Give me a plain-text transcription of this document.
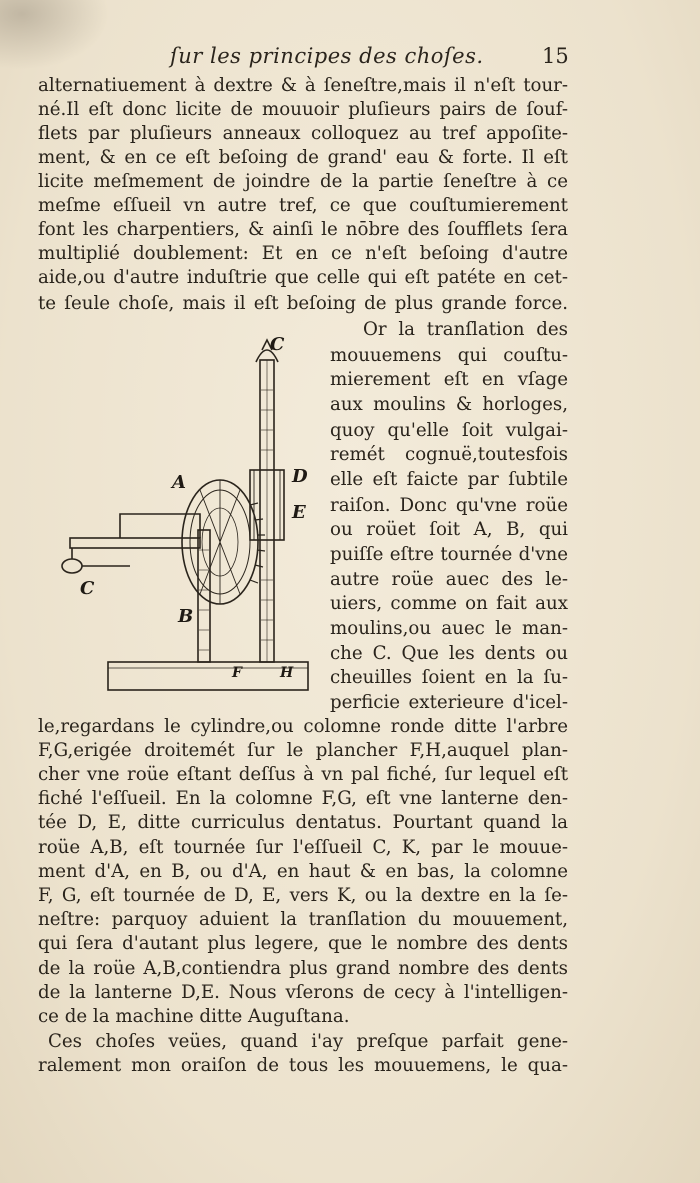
ſur les principes des choſes.	15
alternatiuement à dextre & à ſeneſtre,mais il n'eſt tour-
né.Il eſt donc licite de mouuoir pluſieurs pairs de ſouf-
flets par pluſieurs anneaux colloquez au tref appoſite-
ment, & en ce eſt beſoing de grand' eau & forte. Il eſt
licite meſmement de joindre de la partie ſeneſtre à ce
meſme eſſueil vn autre tref, ce que couſtumierement
font les charpentiers, & ainſi le nōbre des ſoufflets ſera
multiplié doublement: Et en ce n'eſt beſoing d'autre
aide,ou d'autre induſtrie que celle qui eſt patéte en cet-
te ſeule choſe, mais il eſt beſoing de plus grande force.
Or la tranſlation des
mouuemens qui couſtu-
mierement eſt en vſage
aux moulins & horloges,
quoy qu'elle ſoit vulgai-
remét cognuë,toutesfois
elle eſt faicte par ſubtile
raiſon. Donc qu'vne roüe
ou roüet ſoit A, B, qui
puiſſe eſtre tournée d'vne
autre roüe auec des le-
uiers, comme on fait aux
moulins,ou auec le man-
che C. Que les dents ou
cheuilles ſoient en la ſu-
perficie exterieure d'icel-
le,regardans le cylindre,ou colomne ronde ditte l'arbre
F,G,erigée droitemét ſur le plancher F,H,auquel plan-
cher vne roüe eſtant deſſus à vn pal fiché, ſur lequel eſt
fiché l'eſſueil. En la colomne F,G, eſt vne lanterne den-
tée D, E, ditte curriculus dentatus. Pourtant quand la
roüe A,B, eſt tournée ſur l'eſſueil C, K, par le mouue-
ment d'A, en B, ou d'A, en haut & en bas, la colomne
F, G, eſt tournée de D, E, vers K, ou la dextre en la ſe-
neſtre: parquoy aduient la tranſlation du mouuement,
qui ſera d'autant plus legere, que le nombre des dents
de la roüe A,B,contiendra plus grand nombre des dents
de la lanterne D,E. Nous vſerons de cecy à l'intelligen-
ce de la machine ditte Auguſtana.
Ces choſes veües, quand i'ay preſque parfait gene-
ralement mon oraiſon de tous les mouuemens, le qua-
C
A	D
E
C
B
F	H
